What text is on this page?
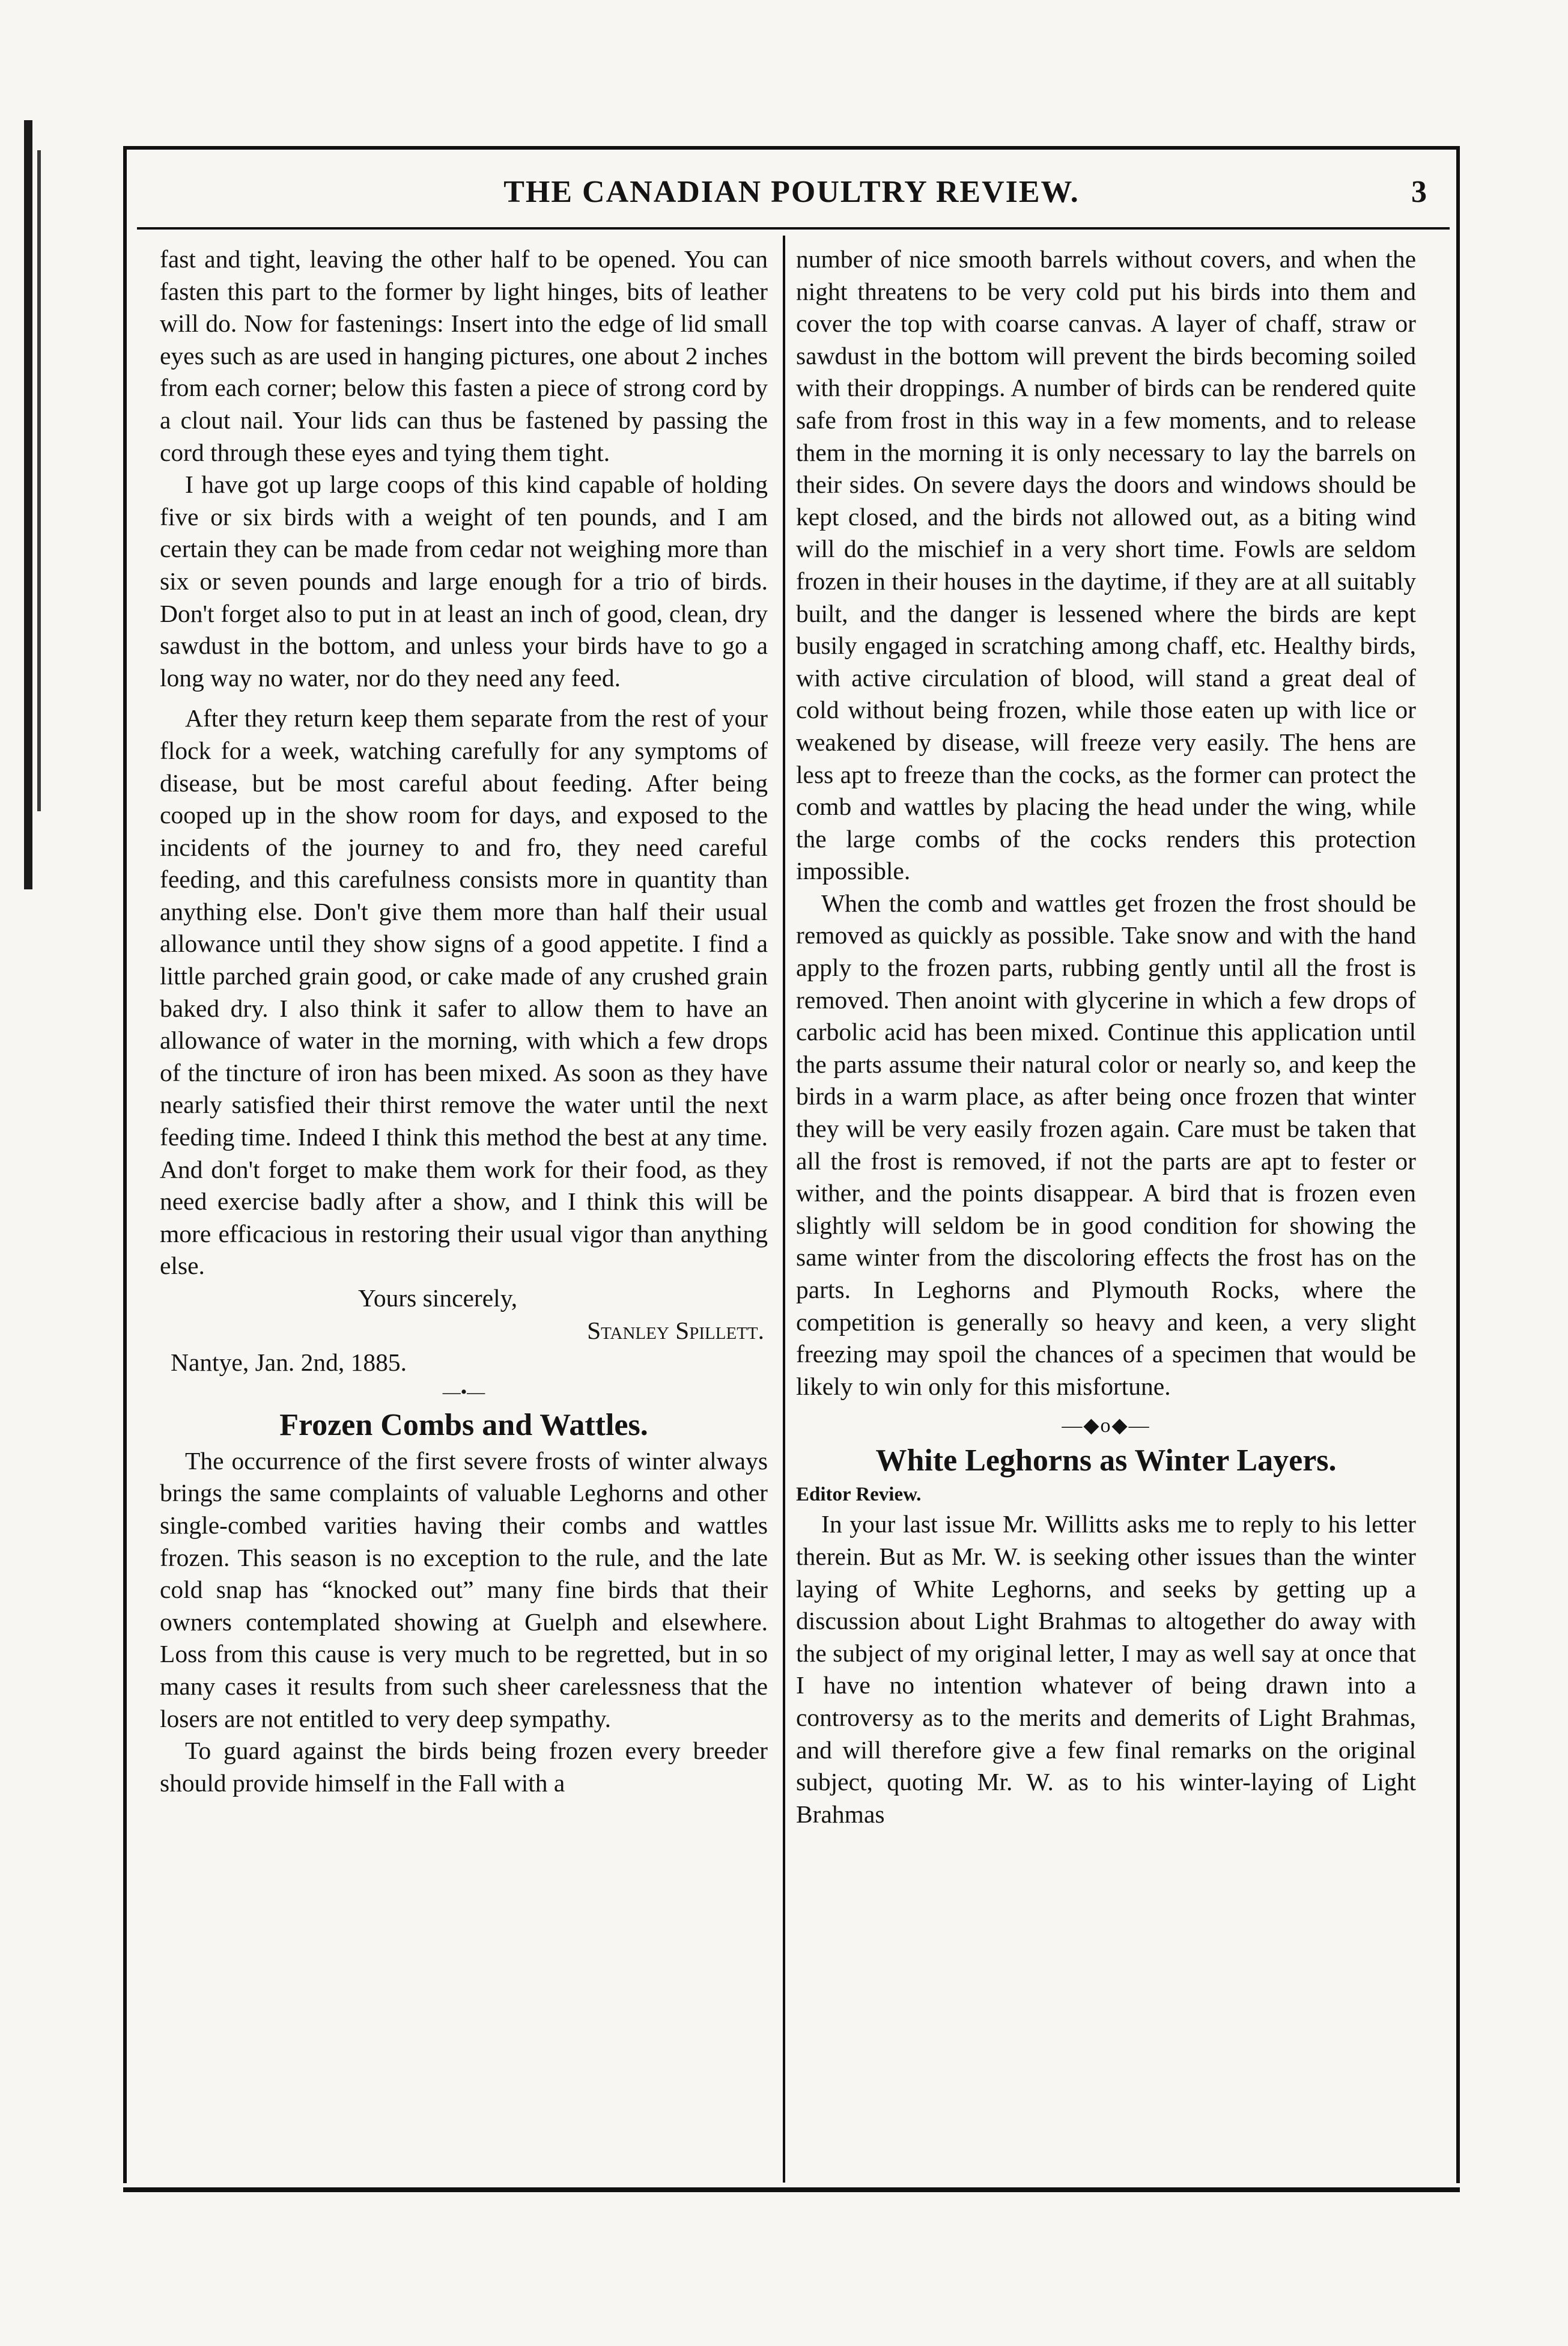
THE CANADIAN POULTRY REVIEW.	3

fast and tight, leaving the other half to be opened. You can fasten this part to the former by light hinges, bits of leather will do. Now for fastenings: Insert into the edge of lid small eyes such as are used in hanging pictures, one about 2 inches from each corner; below this fasten a piece of strong cord by a clout nail. Your lids can thus be fastened by passing the cord through these eyes and tying them tight.

I have got up large coops of this kind capable of holding five or six birds with a weight of ten pounds, and I am certain they can be made from cedar not weighing more than six or seven pounds and large enough for a trio of birds. Don't forget also to put in at least an inch of good, clean, dry sawdust in the bottom, and unless your birds have to go a long way no water, nor do they need any feed.

After they return keep them separate from the rest of your flock for a week, watching carefully for any symptoms of disease, but be most careful about feeding. After being cooped up in the show room for days, and exposed to the incidents of the journey to and fro, they need careful feeding, and this carefulness consists more in quantity than anything else. Don't give them more than half their usual allowance until they show signs of a good appetite. I find a little parched grain good, or cake made of any crushed grain baked dry. I also think it safer to allow them to have an allowance of water in the morning, with which a few drops of the tincture of iron has been mixed. As soon as they have nearly satisfied their thirst remove the water until the next feeding time. Indeed I think this method the best at any time. And don't forget to make them work for their food, as they need exercise badly after a show, and I think this will be more efficacious in restoring their usual vigor than anything else.

Yours sincerely,

Stanley Spillett.

Nantye, Jan. 2nd, 1885.

—•—

Frozen Combs and Wattles.

The occurrence of the first severe frosts of winter always brings the same complaints of valuable Leghorns and other single-combed varities having their combs and wattles frozen. This season is no exception to the rule, and the late cold snap has “knocked out” many fine birds that their owners contemplated showing at Guelph and elsewhere. Loss from this cause is very much to be regretted, but in so many cases it results from such sheer carelessness that the losers are not entitled to very deep sympathy.

To guard against the birds being frozen every breeder should provide himself in the Fall with a

number of nice smooth barrels without covers, and when the night threatens to be very cold put his birds into them and cover the top with coarse canvas. A layer of chaff, straw or sawdust in the bottom will prevent the birds becoming soiled with their droppings. A number of birds can be rendered quite safe from frost in this way in a few moments, and to release them in the morning it is only necessary to lay the barrels on their sides. On severe days the doors and windows should be kept closed, and the birds not allowed out, as a biting wind will do the mischief in a very short time. Fowls are seldom frozen in their houses in the daytime, if they are at all suitably built, and the danger is lessened where the birds are kept busily engaged in scratching among chaff, etc. Healthy birds, with active circulation of blood, will stand a great deal of cold without being frozen, while those eaten up with lice or weakened by disease, will freeze very easily. The hens are less apt to freeze than the cocks, as the former can protect the comb and wattles by placing the head under the wing, while the large combs of the cocks renders this protection impossible.

When the comb and wattles get frozen the frost should be removed as quickly as possible. Take snow and with the hand apply to the frozen parts, rubbing gently until all the frost is removed. Then anoint with glycerine in which a few drops of carbolic acid has been mixed. Continue this application until the parts assume their natural color or nearly so, and keep the birds in a warm place, as after being once frozen that winter they will be very easily frozen again. Care must be taken that all the frost is removed, if not the parts are apt to fester or wither, and the points disappear. A bird that is frozen even slightly will seldom be in good condition for showing the same winter from the discoloring effects the frost has on the parts. In Leghorns and Plymouth Rocks, where the competition is generally so heavy and keen, a very slight freezing may spoil the chances of a specimen that would be likely to win only for this misfortune.

—◆o◆—

White Leghorns as Winter Layers.

Editor Review.

In your last issue Mr. Willitts asks me to reply to his letter therein. But as Mr. W. is seeking other issues than the winter laying of White Leghorns, and seeks by getting up a discussion about Light Brahmas to altogether do away with the subject of my original letter, I may as well say at once that I have no intention whatever of being drawn into a controversy as to the merits and demerits of Light Brahmas, and will therefore give a few final remarks on the original subject, quoting Mr. W. as to his winter-laying of Light Brahmas
